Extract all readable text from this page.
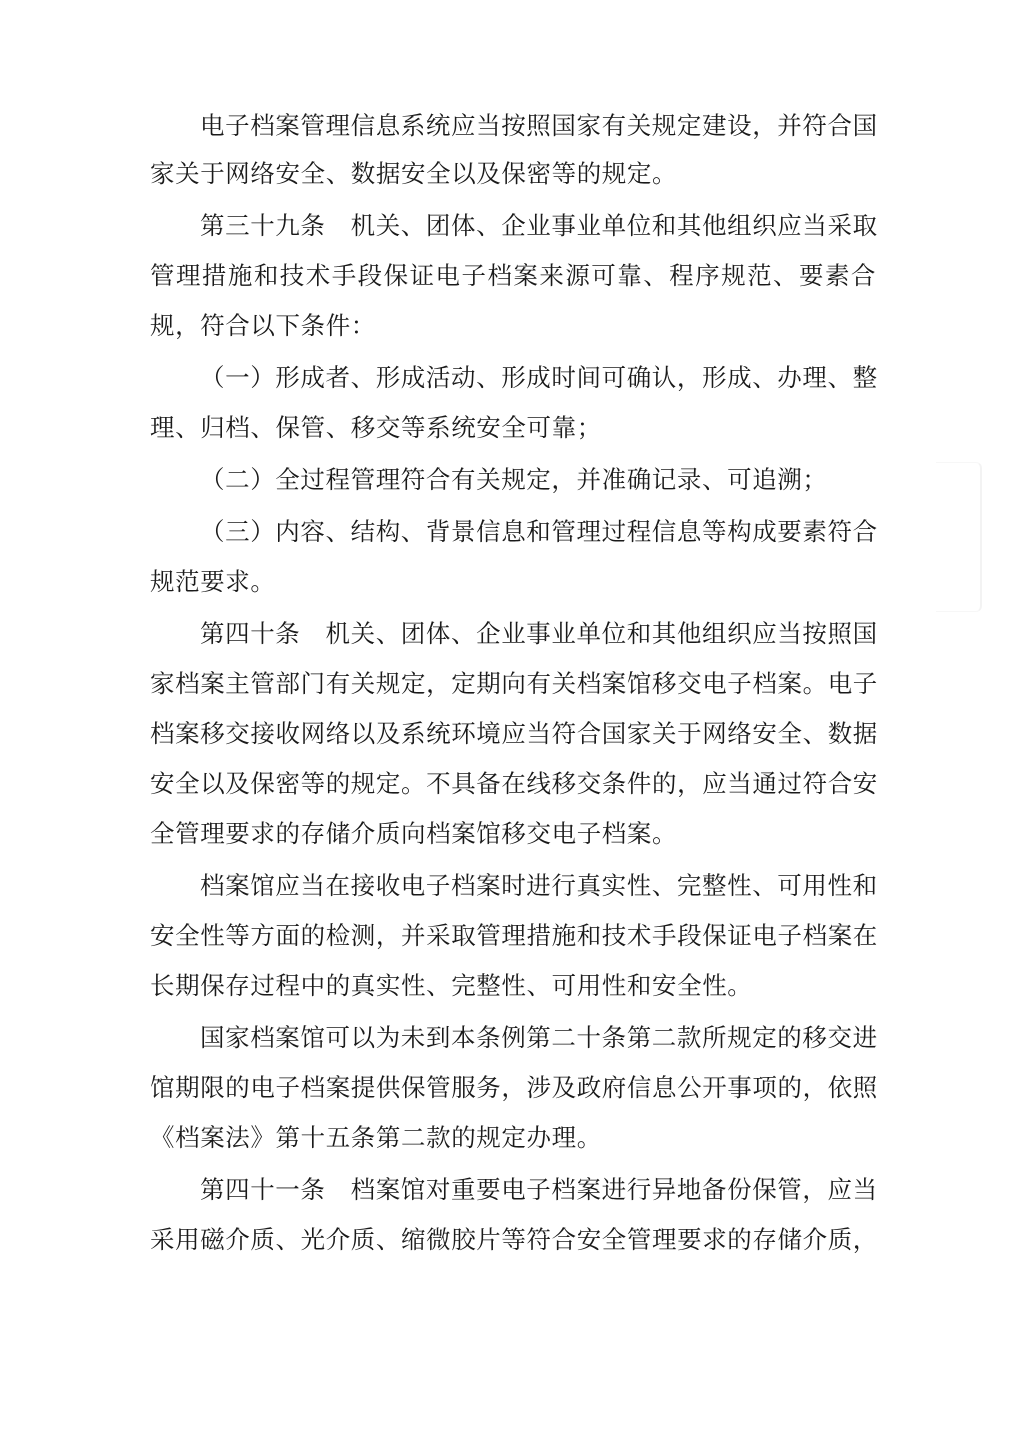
电子档案管理信息系统应当按照国家有关规定建设，并符合国
家关于网络安全、数据安全以及保密等的规定。
第三十九条　机关、团体、企业事业单位和其他组织应当采取
管理措施和技术手段保证电子档案来源可靠、程序规范、要素合
规，符合以下条件：
（一）形成者、形成活动、形成时间可确认，形成、办理、整
理、归档、保管、移交等系统安全可靠；
（二）全过程管理符合有关规定，并准确记录、可追溯；
（三）内容、结构、背景信息和管理过程信息等构成要素符合
规范要求。
第四十条　机关、团体、企业事业单位和其他组织应当按照国
家档案主管部门有关规定，定期向有关档案馆移交电子档案。电子
档案移交接收网络以及系统环境应当符合国家关于网络安全、数据
安全以及保密等的规定。不具备在线移交条件的，应当通过符合安
全管理要求的存储介质向档案馆移交电子档案。
档案馆应当在接收电子档案时进行真实性、完整性、可用性和
安全性等方面的检测，并采取管理措施和技术手段保证电子档案在
长期保存过程中的真实性、完整性、可用性和安全性。
国家档案馆可以为未到本条例第二十条第二款所规定的移交进
馆期限的电子档案提供保管服务，涉及政府信息公开事项的，依照
《档案法》第十五条第二款的规定办理。
第四十一条　档案馆对重要电子档案进行异地备份保管，应当
采用磁介质、光介质、缩微胶片等符合安全管理要求的存储介质，
